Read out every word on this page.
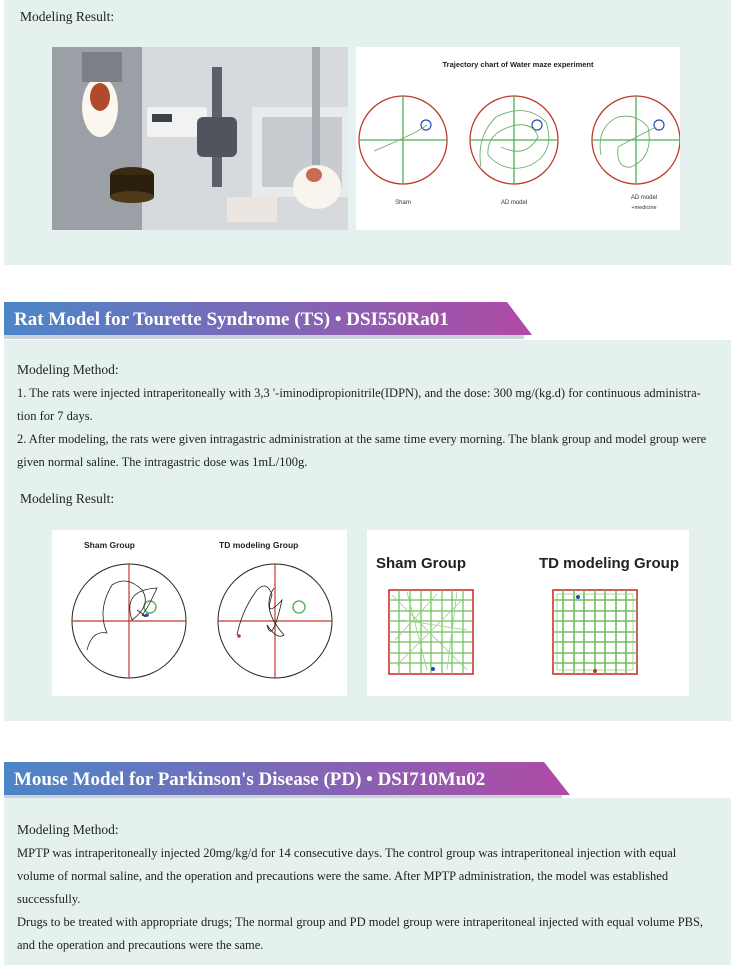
Modeling Result:
Trajectory chart of Water maze experiment
Sham	AD model
AD model
+medicine
Rat Model for Tourette Syndrome (TS) • DSI550Ra01
Modeling Method:
1. The rats were injected intraperitoneally with 3,3 '-iminodipropionitrile(IDPN), and the dose: 300 mg/(kg.d) for continuous administra-
tion for 7 days.
2. After modeling, the rats were given intragastric administration at the same time every morning. The blank group and model group were
given normal saline. The intragastric dose was 1mL/100g.
Modeling Result:
Sham Group	TD modeling Group
Sham Group	TD modeling Group
Mouse Model for Parkinson's Disease (PD) • DSI710Mu02
Modeling Method:
MPTP was intraperitoneally injected 20mg/kg/d for 14 consecutive days. The control group was intraperitoneal injection with equal
volume of normal saline, and the operation and precautions were the same. After MPTP administration, the model was established
successfully.
Drugs to be treated with appropriate drugs; The normal group and PD model group were intraperitoneal injected with equal volume PBS,
and the operation and precautions were the same.
